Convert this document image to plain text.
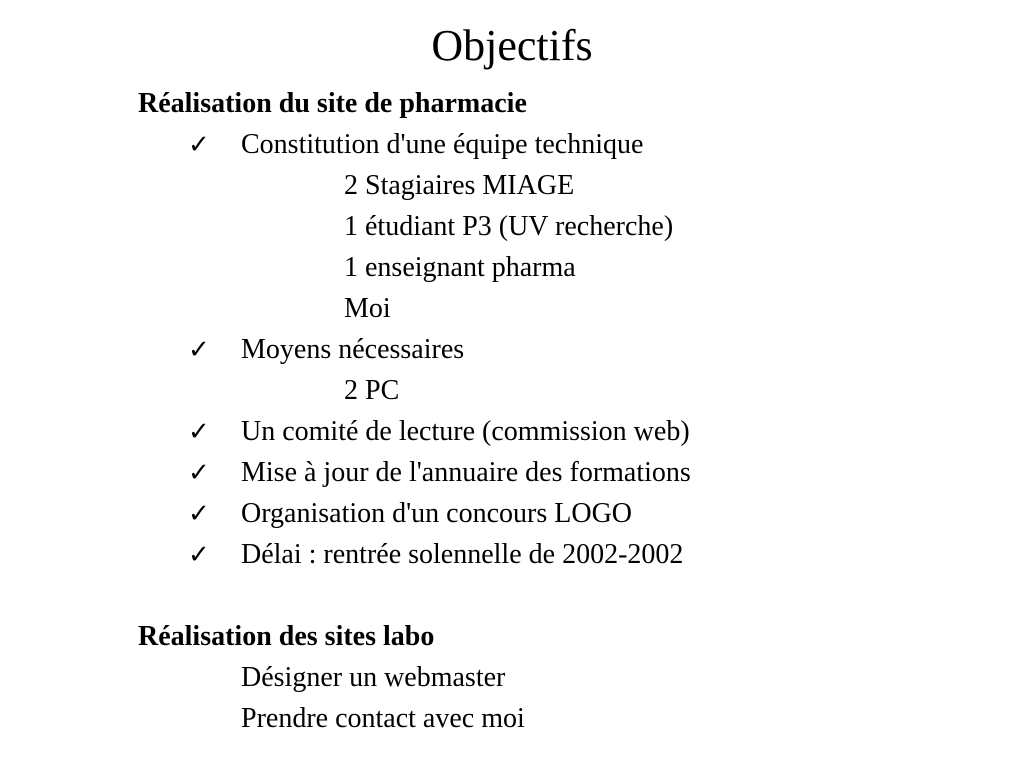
Objectifs
Réalisation du site de pharmacie
✓ Constitution d'une équipe technique
2 Stagiaires MIAGE
1 étudiant P3 (UV recherche)
1 enseignant pharma
Moi
✓ Moyens nécessaires
2 PC
✓ Un comité de lecture (commission web)
✓ Mise à jour de l'annuaire des formations
✓ Organisation d'un concours LOGO
✓ Délai : rentrée solennelle de 2002-2002
Réalisation des sites labo
Désigner un webmaster
Prendre contact avec moi
